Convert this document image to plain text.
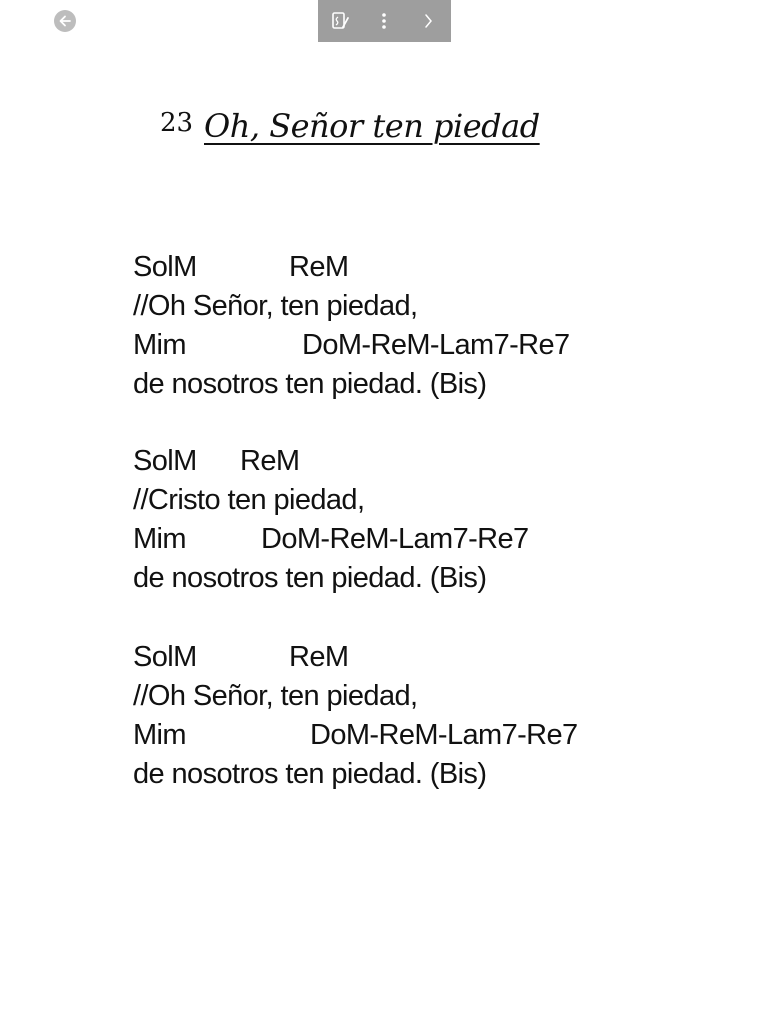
23 Oh, Señor ten piedad
SolM	ReM
//Oh Señor, ten piedad,
Mim	DoM-ReM-Lam7-Re7
de nosotros ten piedad. (Bis)
SolM ReM
//Cristo ten piedad,
Mim	DoM-ReM-Lam7-Re7
de nosotros ten piedad. (Bis)
SolM	ReM
//Oh Señor, ten piedad,
Mim	DoM-ReM-Lam7-Re7
de nosotros ten piedad. (Bis)
